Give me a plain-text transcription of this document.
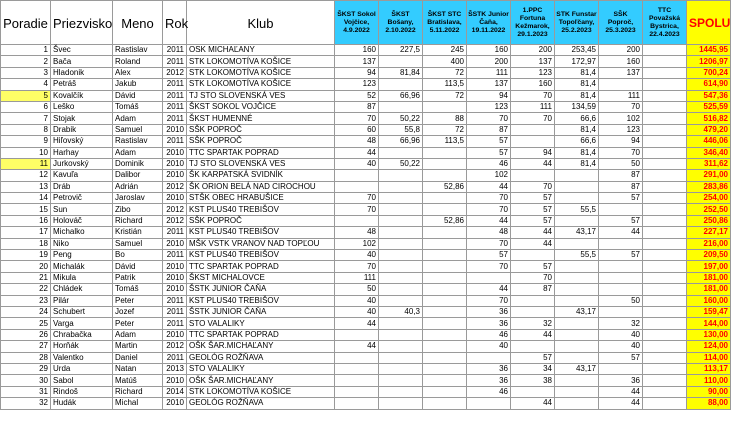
Poradie	Priezvisko	Meno	Rok	Klub	ŠKST Sokol Vojčice, 4.9.2022	ŠKST Bošany, 2.10.2022	ŠKST STC Bratislava, 5.11.2022	ŠSTK Junior Čaňa, 19.11.2022	1.PPC Fortuna Kežmarok, 29.1.2023	STK Funstar Topoľčany, 25.2.2023	SŠK Poproč, 25.3.2023	TTC Považská Bystrica, 22.4.2023	SPOLU
1	Švec	Rastislav	2011	OSK MICHAĽANY	160	227,5	245	160	200	253,45	200		1445,95
2	Bača	Roland	2011	STK LOKOMOTÍVA KOŠICE	137		400	200	137	172,97	160		1206,97
3	Hladonik	Alex	2012	STK LOKOMOTÍVA KOŠICE	94	81,84	72	111	123	81,4	137		700,24
4	Petráš	Jakub	2011	STK LOKOMOTÍVA KOŠICE	123		113,5	137	160	81,4			614,90
5	Kovalčík	Dávid	2011	TJ STO SLOVENSKÁ VES	52	66,96	72	94	70	81,4	111		547,36
6	Leško	Tomáš	2011	ŠKST SOKOL VOJČICE	87			123	111	134,59	70		525,59
7	Stojak	Adam	2011	ŠKST HUMENNÉ	70	50,22	88	70	70	66,6	102		516,82
8	Drabik	Samuel	2010	SŠK POPROČ	60	55,8	72	87		81,4	123		479,20
9	Hiľovský	Rastislav	2011	SŠK POPROČ	48	66,96	113,5	57		66,6	94		446,06
10	Harhay	Adam	2010	TTC SPARTAK POPRAD	44			57	94	81,4	70		346,40
11	Jurkovský	Dominik	2010	TJ STO SLOVENSKÁ VES	40	50,22		46	44	81,4	50		311,62
12	Kavuľa	Dalibor	2010	ŠK KARPATSKÁ SVIDNÍK				102			87		291,00
13	Dráb	Adrián	2012	ŠK ORION BELÁ NAD CIROCHOU			52,86	44	70		87		283,86
14	Petrovič	Jaroslav	2010	STŠK OBEC HRABUŠICE	70			70	57		57		254,00
15	Sun	Zibo	2012	KST PLUS40 TREBIŠOV	70			70	57	55,5			252,50
16	Holováč	Richard	2012	SŠK POPROČ			52,86	44	57		57		250,86
17	Michalko	Kristián	2011	KST PLUS40 TREBIŠOV	48			48	44	43,17	44		227,17
18	Niko	Samuel	2010	MŠK VSTK VRANOV NAD TOPĽOU	102			70	44				216,00
19	Peng	Bo	2011	KST PLUS40 TREBIŠOV	40			57		55,5	57		209,50
20	Michalák	Dávid	2010	TTC SPARTAK POPRAD	70			70	57				197,00
21	Mikula	Patrik	2010	ŠKST MICHALOVCE	111				70				181,00
22	Chládek	Tomáš	2010	ŠSTK JUNIOR ČAŇA	50			44	87				181,00
23	Pilár	Peter	2011	KST PLUS40 TREBIŠOV	40			70			50		160,00
24	Schubert	Jozef	2011	ŠSTK JUNIOR ČAŇA	40	40,3		36		43,17			159,47
25	Varga	Peter	2011	STO VALALIKY	44			36	32		32		144,00
26	Chrabačka	Adam	2010	TTC SPARTAK POPRAD				46	44		40		130,00
27	Horňák	Martin	2012	OŠK ŠAR.MICHAĽANY	44			40			40		124,00
28	Valentko	Daniel	2011	GEOLÓG ROŽŇAVA					57		57		114,00
29	Urda	Natan	2013	STO VALALIKY				36	34	43,17			113,17
30	Sabol	Matúš	2010	OŠK ŠAR.MICHAĽANY				36	38		36		110,00
31	Rindoš	Richard	2014	STK LOKOMOTÍVA KOŠICE				46			44		90,00
32	Hudák	Michal	2010	GEOLÓG ROŽŇAVA					44		44		88,00
